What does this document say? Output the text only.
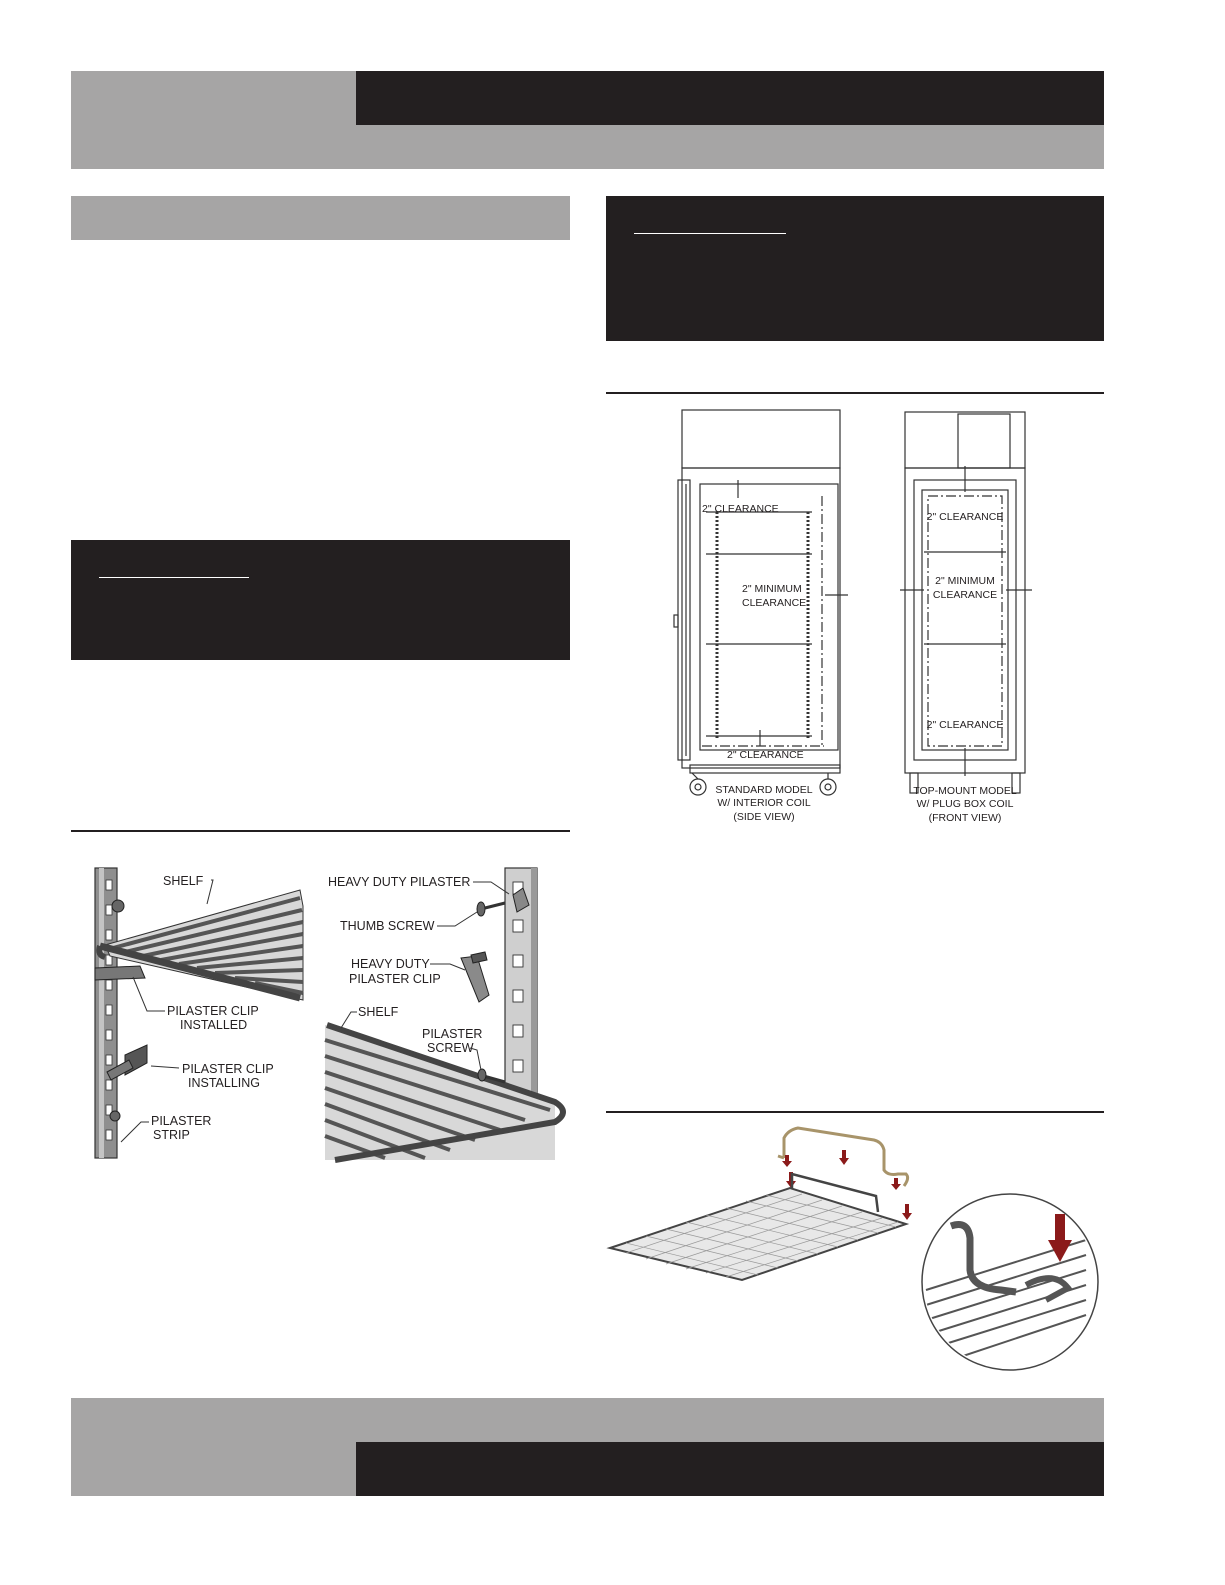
SHELF
PILASTER CLIP
INSTALLED
PILASTER CLIP
INSTALLING
PILASTER
STRIP
HEAVY DUTY PILASTER
THUMB SCREW
HEAVY DUTY
PILASTER CLIP
SHELF
PILASTER
SCREW
2" CLEARANCE
2" MINIMUM
CLEARANCE
2" CLEARANCE
STANDARD MODEL
W/ INTERIOR COIL
(SIDE VIEW)
2" CLEARANCE
2" MINIMUM
CLEARANCE
2" CLEARANCE
TOP-MOUNT MODEL
W/ PLUG BOX COIL
(FRONT VIEW)
